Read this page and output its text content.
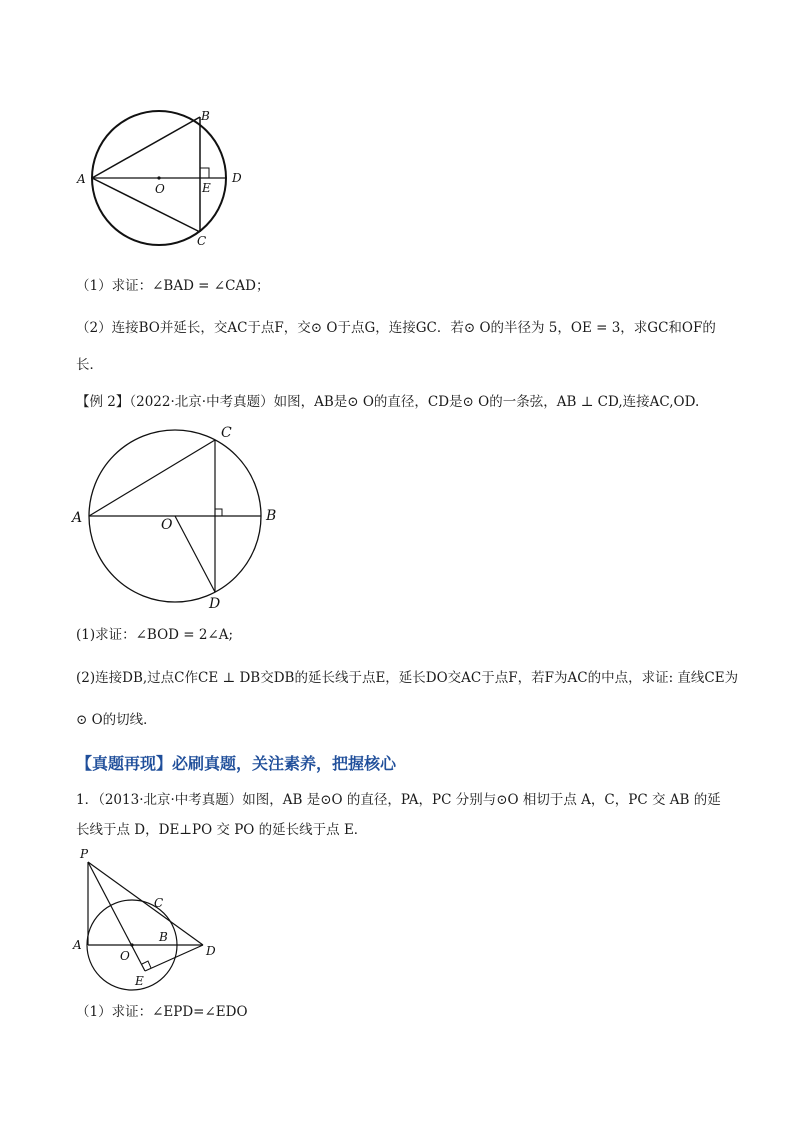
A
B
C
D
O	E
（1）求证：∠BAD = ∠CAD；
（2）连接BO并延长，交AC于点F，交⊙ O于点G，连接GC．若⊙ O的半径为 5，OE = 3，求GC和OF的
长．
【例 2】（2022·北京·中考真题）如图，AB是⊙ O的直径，CD是⊙ O的一条弦，AB ⊥ CD,连接AC,OD.
A	B
C
D
O
(1)求证：∠BOD = 2∠A;
(2)连接DB,过点C作CE ⊥ DB交DB的延长线于点E，延长DO交AC于点F，若F为AC的中点，求证: 直线CE为
⊙ O的切线．
【真题再现】必刷真题，关注素养，把握核心
1．（2013·北京·中考真题）如图，AB 是⊙O 的直径，PA，PC 分别与⊙O 相切于点 A，C，PC 交 AB 的延
长线于点 D，DE⊥PO 交 PO 的延长线于点 E．
P
C
A
B
O	D
E
（1）求证：∠EPD=∠EDO
